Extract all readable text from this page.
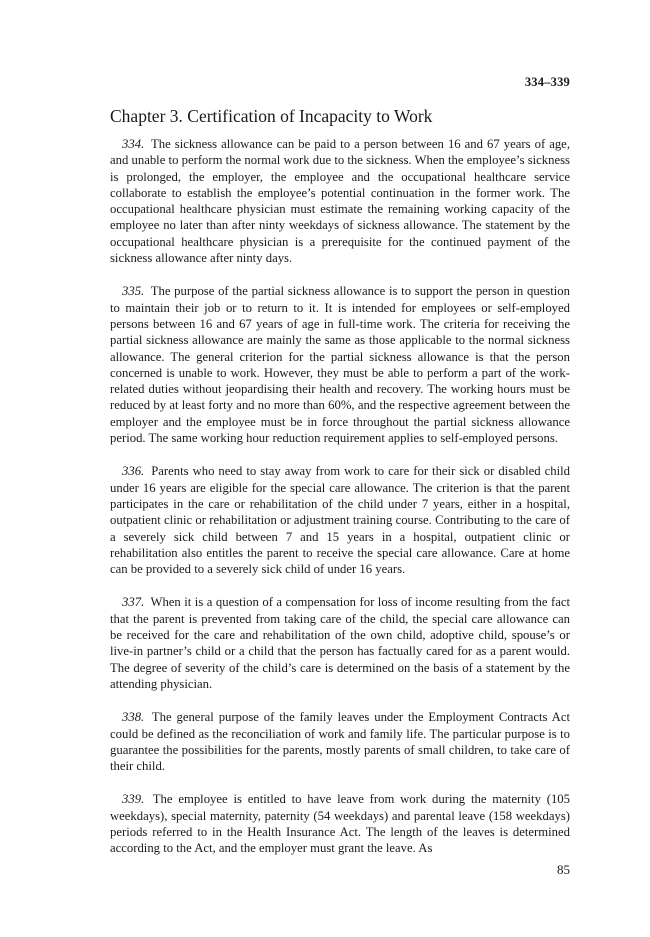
334–339
Chapter 3. Certification of Incapacity to Work

334. The sickness allowance can be paid to a person between 16 and 67 years of age, and unable to perform the normal work due to the sickness. When the employee’s sickness is prolonged, the employer, the employee and the occupational healthcare service collaborate to establish the employee’s potential continuation in the former work. The occupational healthcare physician must estimate the remaining working capacity of the employee no later than after ninty weekdays of sickness allowance. The statement by the occupational healthcare physician is a prerequisite for the continued payment of the sickness allowance after ninty days.

335. The purpose of the partial sickness allowance is to support the person in question to maintain their job or to return to it. It is intended for employees or self-employed persons between 16 and 67 years of age in full-time work. The criteria for receiving the partial sickness allowance are mainly the same as those applicable to the normal sickness allowance. The general criterion for the partial sickness allowance is that the person concerned is unable to work. However, they must be able to perform a part of the work-related duties without jeopardising their health and recovery. The working hours must be reduced by at least forty and no more than 60%, and the respective agreement between the employer and the employee must be in force throughout the partial sickness allowance period. The same working hour reduction requirement applies to self-employed persons.

336. Parents who need to stay away from work to care for their sick or disabled child under 16 years are eligible for the special care allowance. The criterion is that the parent participates in the care or rehabilitation of the child under 7 years, either in a hospital, outpatient clinic or rehabilitation or adjustment training course. Contributing to the care of a severely sick child between 7 and 15 years in a hospital, outpatient clinic or rehabilitation also entitles the parent to receive the special care allowance. Care at home can be provided to a severely sick child of under 16 years.

337. When it is a question of a compensation for loss of income resulting from the fact that the parent is prevented from taking care of the child, the special care allowance can be received for the care and rehabilitation of the own child, adoptive child, spouse’s or live-in partner’s child or a child that the person has factually cared for as a parent would. The degree of severity of the child’s care is determined on the basis of a statement by the attending physician.

338. The general purpose of the family leaves under the Employment Contracts Act could be defined as the reconciliation of work and family life. The particular purpose is to guarantee the possibilities for the parents, mostly parents of small children, to take care of their child.

339. The employee is entitled to have leave from work during the maternity (105 weekdays), special maternity, paternity (54 weekdays) and parental leave (158 weekdays) periods referred to in the Health Insurance Act. The length of the leaves is determined according to the Act, and the employer must grant the leave. As

85
